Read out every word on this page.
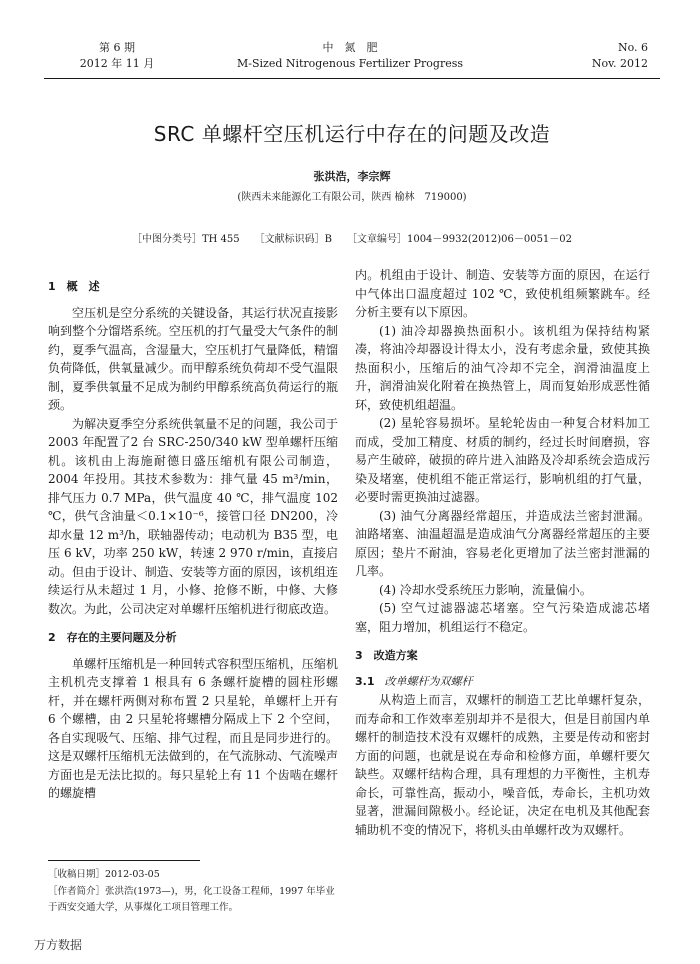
第 6 期
2012 年 11 月
中　氮　肥
M-Sized Nitrogenous Fertilizer Progress
No. 6
Nov. 2012
SRC 单螺杆空压机运行中存在的问题及改造
张洪浩，李宗辉
(陕西未来能源化工有限公司，陕西 榆林　719000)
［中图分类号］TH 455　　［文献标识码］B　　［文章编号］1004－9932(2012)06－0051－02
1　概　述

空压机是空分系统的关键设备，其运行状况直接影响到整个分馏塔系统。空压机的打气量受大气条件的制约，夏季气温高，含湿量大，空压机打气量降低，精馏负荷降低，供氧量减少。而甲醇系统负荷却不受气温限制，夏季供氧量不足成为制约甲醇系统高负荷运行的瓶颈。

为解决夏季空分系统供氧量不足的问题，我公司于2003 年配置了2 台 SRC-250/340 kW 型单螺杆压缩机。该机由上海施耐德日盛压缩机有限公司制造，2004 年投用。其技术参数为：排气量 45 m³/min，排气压力 0.7 MPa，供气温度 40 ℃，排气温度 102 ℃，供气含油量＜0.1×10⁻⁶，接管口径 DN200，冷却水量 12 m³/h，联轴器传动；电动机为 B35 型，电压 6 kV，功率 250 kW，转速 2 970 r/min，直接启动。但由于设计、制造、安装等方面的原因，该机组连续运行从未超过 1 月，小修、抢修不断，中修、大修数次。为此，公司决定对单螺杆压缩机进行彻底改造。

2　存在的主要问题及分析

单螺杆压缩机是一种回转式容积型压缩机，压缩机主机机壳支撑着 1 根具有 6 条螺杆旋槽的圆柱形螺杆，并在螺杆两侧对称布置 2 只星轮，单螺杆上开有 6 个螺槽，由 2 只星轮将螺槽分隔成上下 2 个空间，各自实现吸气、压缩、排气过程，而且是同步进行的。这是双螺杆压缩机无法做到的，在气流脉动、气流噪声方面也是无法比拟的。每只星轮上有 11 个齿啮在螺杆的螺旋槽

内。机组由于设计、制造、安装等方面的原因，在运行中气体出口温度超过 102 ℃，致使机组频繁跳车。经分析主要有以下原因。

(1) 油冷却器换热面积小。该机组为保持结构紧凑，将油冷却器设计得太小，没有考虑余量，致使其换热面积小，压缩后的油气冷却不完全，润滑油温度上升，润滑油炭化附着在换热管上，周而复始形成恶性循环，致使机组超温。

(2) 星轮容易损坏。星轮轮齿由一种复合材料加工而成，受加工精度、材质的制约，经过长时间磨损，容易产生破碎，破损的碎片进入油路及冷却系统会造成污染及堵塞，使机组不能正常运行，影响机组的打气量，必要时需更换油过滤器。

(3) 油气分离器经常超压，并造成法兰密封泄漏。油路堵塞、油温超温是造成油气分离器经常超压的主要原因；垫片不耐油，容易老化更增加了法兰密封泄漏的几率。

(4) 冷却水受系统压力影响，流量偏小。

(5) 空气过滤器滤芯堵塞。空气污染造成滤芯堵塞，阻力增加，机组运行不稳定。

3　改造方案
3.1 改单螺杆为双螺杆

从构造上而言，双螺杆的制造工艺比单螺杆复杂，而寿命和工作效率差别却并不是很大，但是目前国内单螺杆的制造技术没有双螺杆的成熟，主要是传动和密封方面的问题，也就是说在寿命和检修方面，单螺杆要欠缺些。双螺杆结构合理，具有理想的力平衡性，主机寿命长，可靠性高，振动小，噪音低，寿命长，主机功效显著，泄漏间隙极小。经论证，决定在电机及其他配套辅助机不变的情况下，将机头由单螺杆改为双螺杆。

［收稿日期］2012-03-05
［作者简介］张洪浩(1973—)，男，化工设备工程师，1997 年毕业于西安交通大学，从事煤化工项目管理工作。
万方数据
